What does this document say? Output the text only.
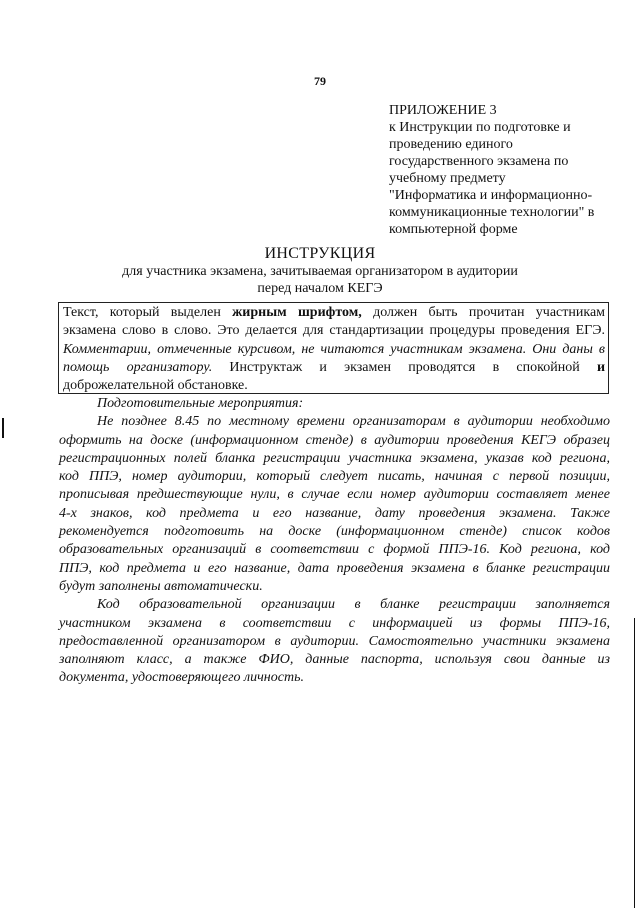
79
ПРИЛОЖЕНИЕ 3
к Инструкции по подготовке и
проведению единого
государственного экзамена по
учебному предмету
"Информатика и информационно-
коммуникационные технологии" в
компьютерной форме
ИНСТРУКЦИЯ
для участника экзамена, зачитываемая организатором в аудитории
перед началом КЕГЭ
Текст, который выделен жирным шрифтом, должен быть прочитан участникам
экзамена слово в слово. Это делается для стандартизации процедуры проведения ЕГЭ.
Комментарии, отмеченные курсивом, не читаются участникам экзамена. Они даны в
помощь организатору. Инструктаж и экзамен проводятся в спокойной и
доброжелательной обстановке.
Подготовительные мероприятия:
Не позднее 8.45 по местному времени организаторам в аудитории необходимо
оформить на доске (информационном стенде) в аудитории проведения КЕГЭ образец
регистрационных полей бланка регистрации участника экзамена, указав код региона,
код ППЭ, номер аудитории, который следует писать, начиная с первой позиции,
прописывая предшествующие нули, в случае если номер аудитории составляет менее
4-х знаков, код предмета и его название, дату проведения экзамена. Также
рекомендуется подготовить на доске (информационном стенде) список кодов
образовательных организаций в соответствии с формой ППЭ-16. Код региона, код
ППЭ, код предмета и его название, дата проведения экзамена в бланке регистрации
будут заполнены автоматически.
Код образовательной организации в бланке регистрации заполняется
участником экзамена в соответствии с информацией из формы ППЭ-16,
предоставленной организатором в аудитории. Самостоятельно участники экзамена
заполняют класс, а также ФИО, данные паспорта, используя свои данные из
документа, удостоверяющего личность.
